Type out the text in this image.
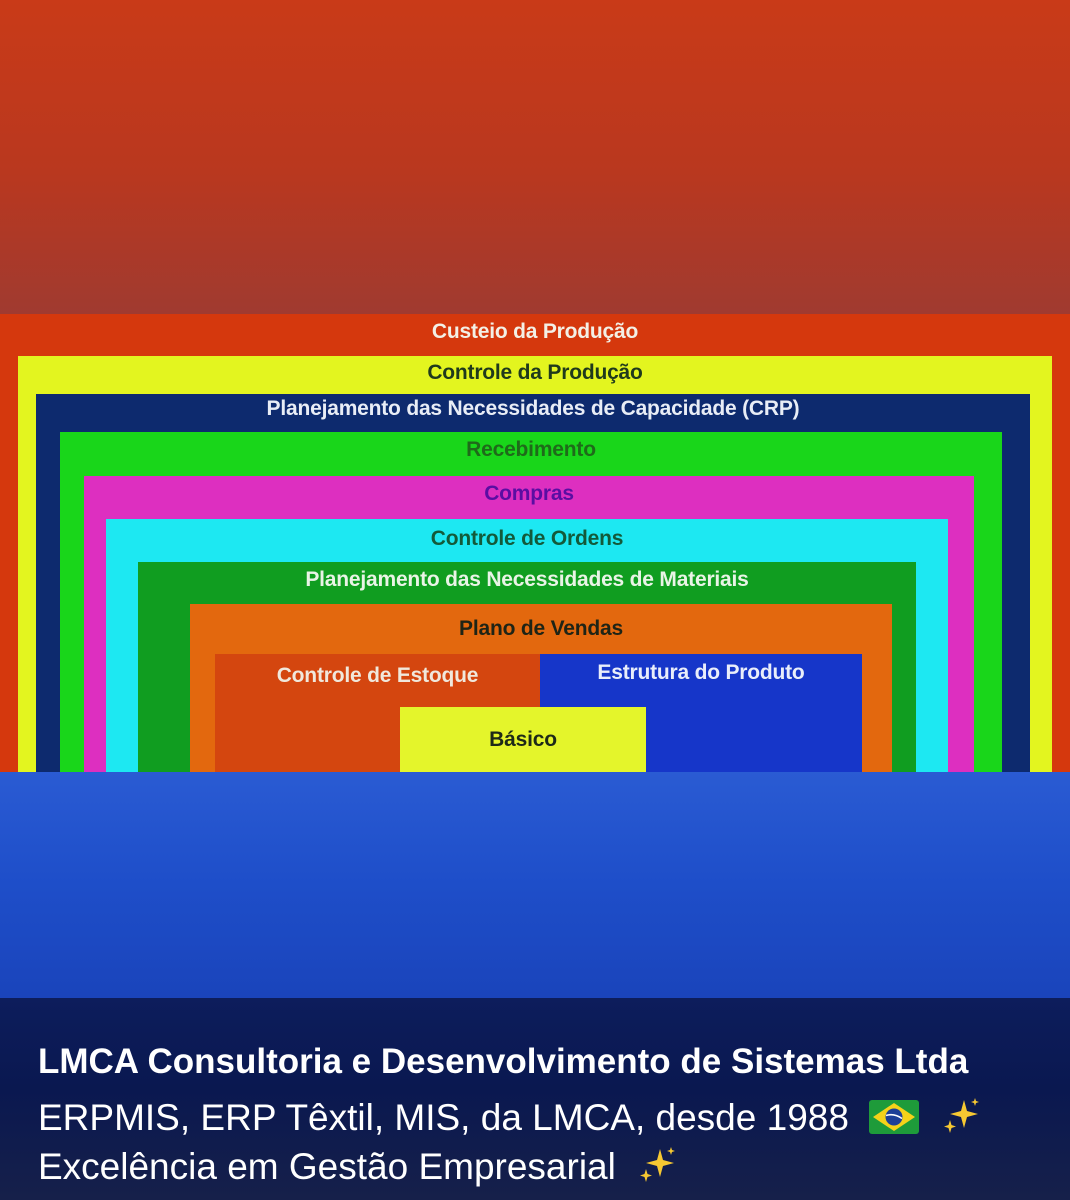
Custeio da Produção
Controle da Produção
Planejamento das Necessidades de Capacidade (CRP)
Recebimento
Compras
Controle de Ordens
Planejamento das Necessidades de Materiais
Plano de Vendas
Controle de Estoque	Estrutura do Produto
Básico
LMCA Consultoria e Desenvolvimento de Sistemas Ltda
ERPMIS, ERP Têxtil, MIS, da LMCA, desde 1988
Excelência em Gestão Empresarial
